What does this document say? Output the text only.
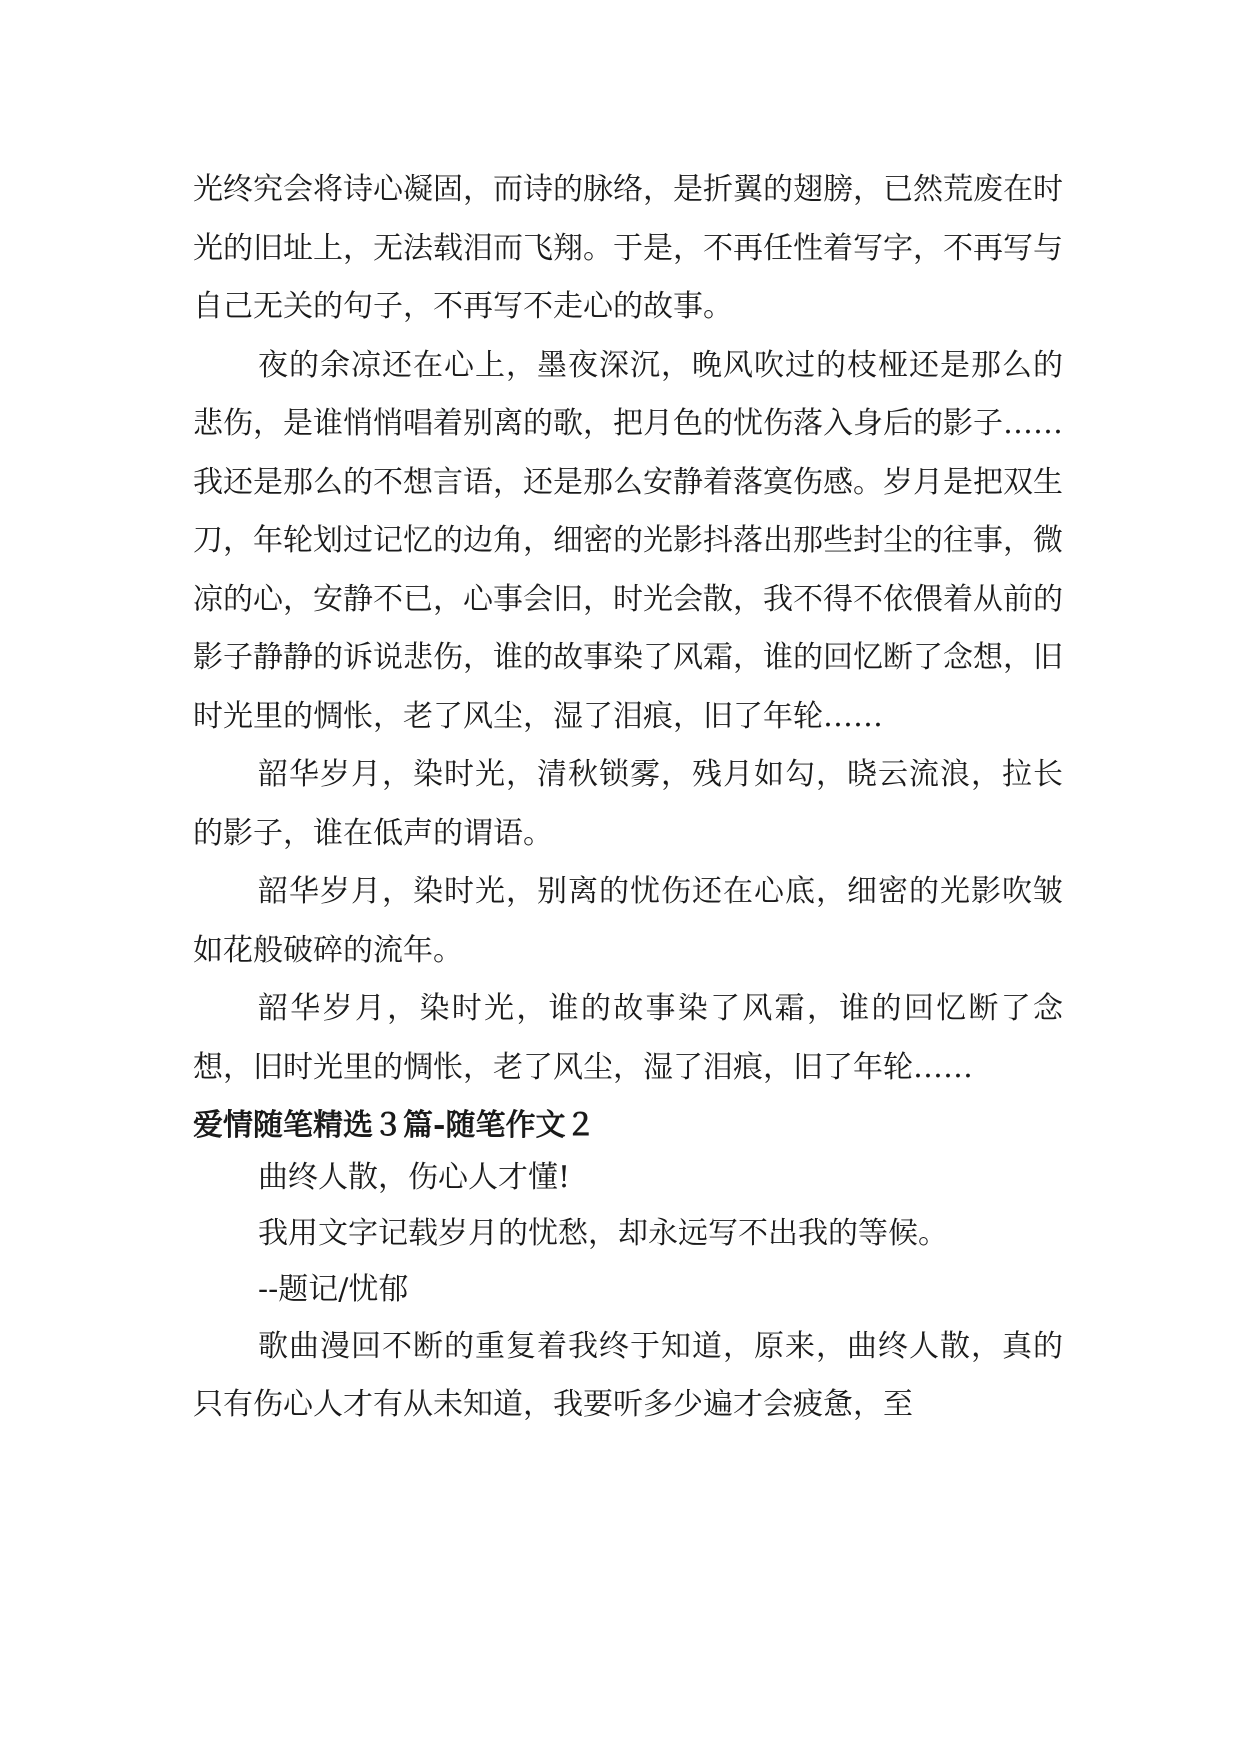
光终究会将诗心凝固，而诗的脉络，是折翼的翅膀，已然荒废在时光的旧址上，无法载泪而飞翔。于是，不再任性着写字，不再写与自己无关的句子，不再写不走心的故事。

夜的余凉还在心上，墨夜深沉，晚风吹过的枝桠还是那么的悲伤，是谁悄悄唱着别离的歌，把月色的忧伤落入身后的影子……我还是那么的不想言语，还是那么安静着落寞伤感。岁月是把双生刀，年轮划过记忆的边角，细密的光影抖落出那些封尘的往事，微凉的心，安静不已，心事会旧，时光会散，我不得不依偎着从前的影子静静的诉说悲伤，谁的故事染了风霜，谁的回忆断了念想，旧时光里的惆怅，老了风尘，湿了泪痕，旧了年轮……

韶华岁月，染时光，清秋锁雾，残月如勾，晓云流浪，拉长的影子，谁在低声的谓语。

韶华岁月，染时光，别离的忧伤还在心底，细密的光影吹皱如花般破碎的流年。

韶华岁月，染时光，谁的故事染了风霜，谁的回忆断了念想，旧时光里的惆怅，老了风尘，湿了泪痕，旧了年轮……

爱情随笔精选３篇-随笔作文２

曲终人散，伤心人才懂!

我用文字记载岁月的忧愁，却永远写不出我的等候。

--题记/忧郁

歌曲漫回不断的重复着我终于知道，原来，曲终人散，真的只有伤心人才有从未知道，我要听多少遍才会疲惫，至
